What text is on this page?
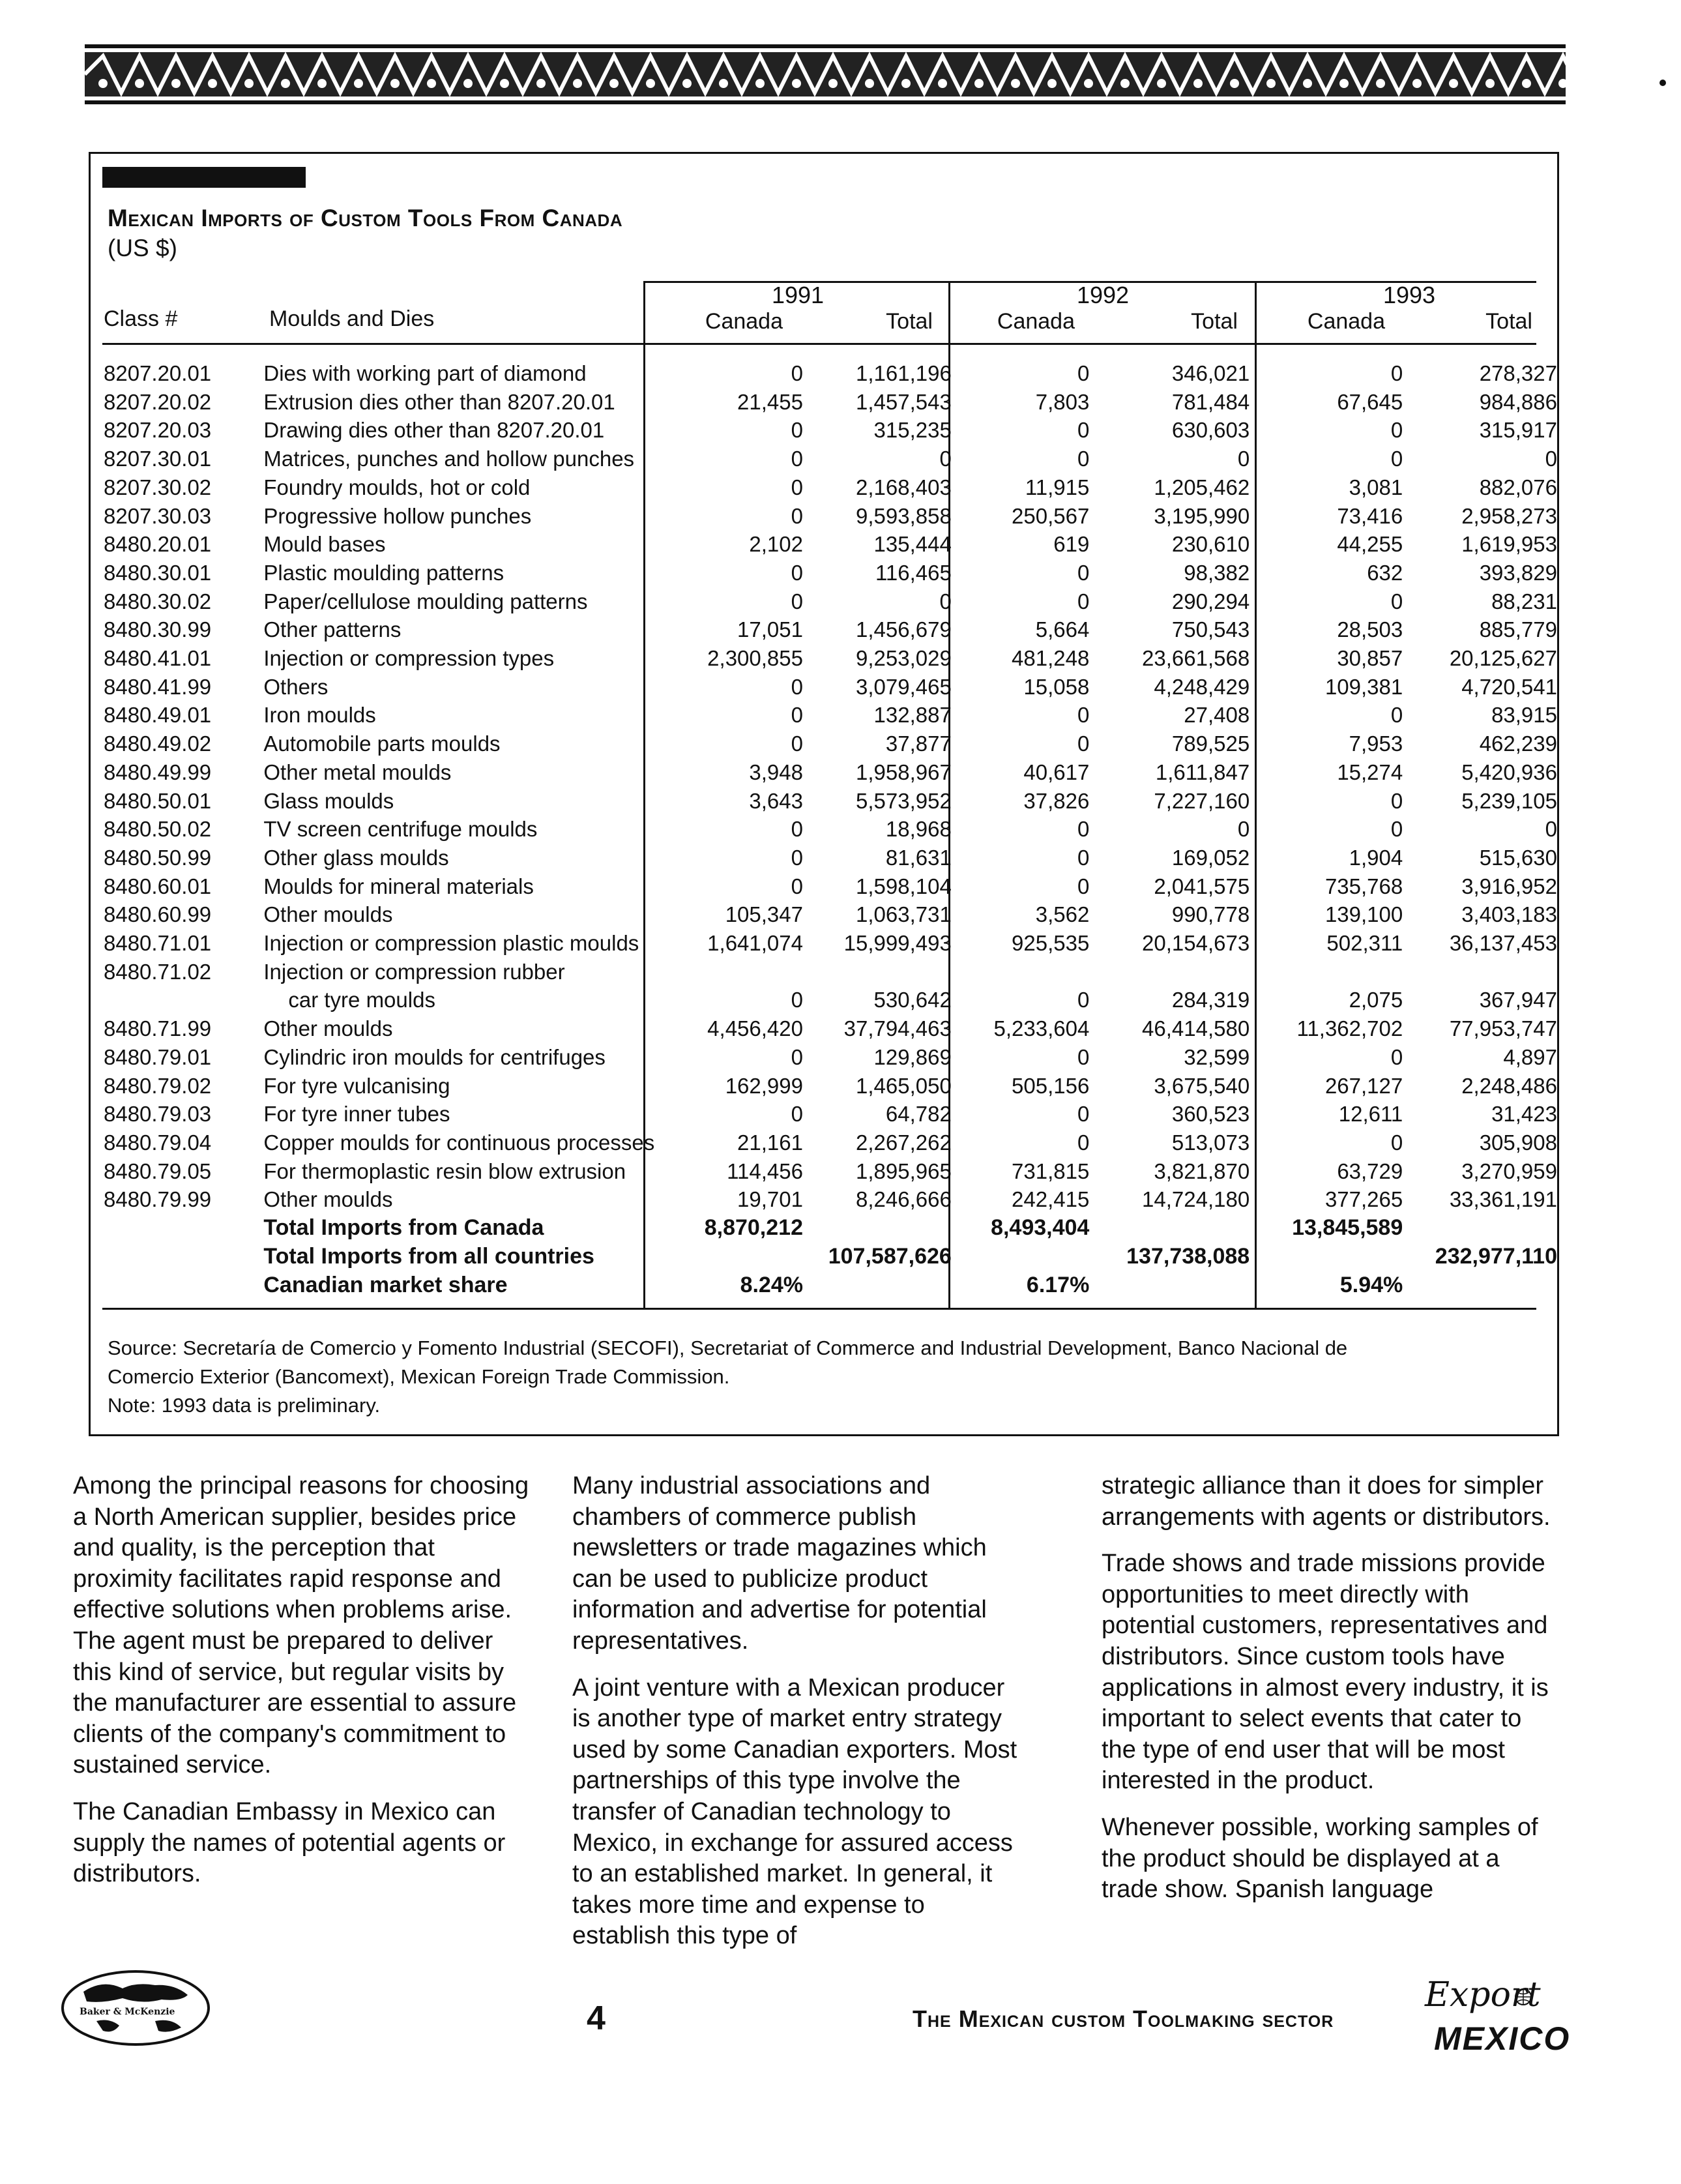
Mexican Imports of Custom Tools From Canada
(US $)
1991	1992	1993
Class #	Moulds and Dies	Canada	Total	Canada	Total	Canada	Total
8207.20.01	Dies with working part of diamond	0	1,161,196	0	346,021	0	278,327
8207.20.02	Extrusion dies other than 8207.20.01	21,455	1,457,543	7,803	781,484	67,645	984,886
8207.20.03	Drawing dies other than 8207.20.01	0	315,235	0	630,603	0	315,917
8207.30.01	Matrices, punches and hollow punches	0	0	0	0	0	0
8207.30.02	Foundry moulds, hot or cold	0	2,168,403	11,915	1,205,462	3,081	882,076
8207.30.03	Progressive hollow punches	0	9,593,858	250,567	3,195,990	73,416	2,958,273
8480.20.01	Mould bases	2,102	135,444	619	230,610	44,255	1,619,953
8480.30.01	Plastic moulding patterns	0	116,465	0	98,382	632	393,829
8480.30.02	Paper/cellulose moulding patterns	0	0	0	290,294	0	88,231
8480.30.99	Other patterns	17,051	1,456,679	5,664	750,543	28,503	885,779
8480.41.01	Injection or compression types	2,300,855	9,253,029	481,248	23,661,568	30,857	20,125,627
8480.41.99	Others	0	3,079,465	15,058	4,248,429	109,381	4,720,541
8480.49.01	Iron moulds	0	132,887	0	27,408	0	83,915
8480.49.02	Automobile parts moulds	0	37,877	0	789,525	7,953	462,239
8480.49.99	Other metal moulds	3,948	1,958,967	40,617	1,611,847	15,274	5,420,936
8480.50.01	Glass moulds	3,643	5,573,952	37,826	7,227,160	0	5,239,105
8480.50.02	TV screen centrifuge moulds	0	18,968	0	0	0	0
8480.50.99	Other glass moulds	0	81,631	0	169,052	1,904	515,630
8480.60.01	Moulds for mineral materials	0	1,598,104	0	2,041,575	735,768	3,916,952
8480.60.99	Other moulds	105,347	1,063,731	3,562	990,778	139,100	3,403,183
8480.71.01	Injection or compression plastic moulds	1,641,074	15,999,493	925,535	20,154,673	502,311	36,137,453
8480.71.02	Injection or compression rubber						
	car tyre moulds	0	530,642	0	284,319	2,075	367,947
8480.71.99	Other moulds	4,456,420	37,794,463	5,233,604	46,414,580	11,362,702	77,953,747
8480.79.01	Cylindric iron moulds for centrifuges	0	129,869	0	32,599	0	4,897
8480.79.02	For tyre vulcanising	162,999	1,465,050	505,156	3,675,540	267,127	2,248,486
8480.79.03	For tyre inner tubes	0	64,782	0	360,523	12,611	31,423
8480.79.04	Copper moulds for continuous processes	21,161	2,267,262	0	513,073	0	305,908
8480.79.05	For thermoplastic resin blow extrusion	114,456	1,895,965	731,815	3,821,870	63,729	3,270,959
8480.79.99	Other moulds	19,701	8,246,666	242,415	14,724,180	377,265	33,361,191
	Total Imports from Canada	8,870,212		8,493,404		13,845,589	
	Total Imports from all countries		107,587,626		137,738,088		232,977,110
	Canadian market share	8.24%		6.17%		5.94%	
Source: Secretaría de Comercio y Fomento Industrial (SECOFI), Secretariat of Commerce and Industrial Development, Banco Nacional de
Comercio Exterior (Bancomext), Mexican Foreign Trade Commission.
Note: 1993 data is preliminary.

Among the principal reasons for choosing a North American supplier, besides price and quality, is the perception that proximity facilitates rapid response and effective solutions when problems arise. The agent must be prepared to deliver this kind of service, but regular visits by the manufacturer are essential to assure clients of the company's commitment to sustained service.

The Canadian Embassy in Mexico can supply the names of potential agents or distributors.

Many industrial associations and chambers of commerce publish newsletters or trade magazines which can be used to publicize product information and advertise for potential representatives.

A joint venture with a Mexican producer is another type of market entry strategy used by some Canadian exporters. Most partnerships of this type involve the transfer of Canadian technology to Mexico, in exchange for assured access to an established market. In general, it takes more time and expense to establish this type of

strategic alliance than it does for simpler arrangements with agents or distributors.

Trade shows and trade missions provide opportunities to meet directly with potential customers, representatives and distributors. Since custom tools have applications in almost every industry, it is important to select events that cater to the type of end user that will be most interested in the product.

Whenever possible, working samples of the product should be displayed at a trade show. Spanish language

Baker & McKenzie	4	The Mexican custom Toolmaking sector
Export
MEXICO
